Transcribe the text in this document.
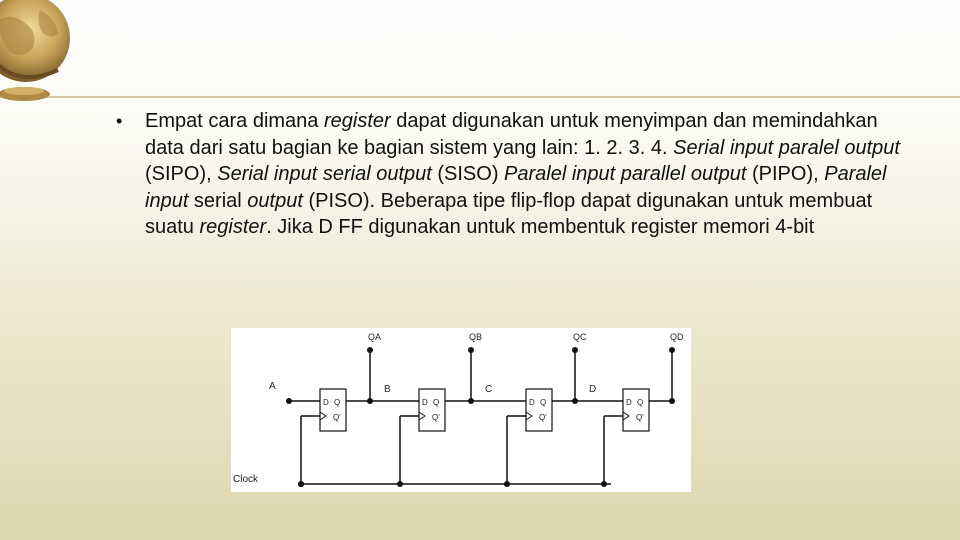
• Empat cara dimana register dapat digunakan untuk menyimpan dan memindahkan data dari satu bagian ke bagian sistem yang lain: 1. 2. 3. 4. Serial input paralel output (SIPO), Serial input serial output (SISO) Paralel input parallel output (PIPO), Paralel input serial output (PISO). Beberapa tipe flip-flop dapat digunakan untuk membuat suatu register. Jika D FF digunakan untuk membentuk register memori 4-bit
A
Clock
D Q
Q'
QA
B
D Q
Q'
QB
C
D Q
Q'
QC
D
D Q
Q'
QD
